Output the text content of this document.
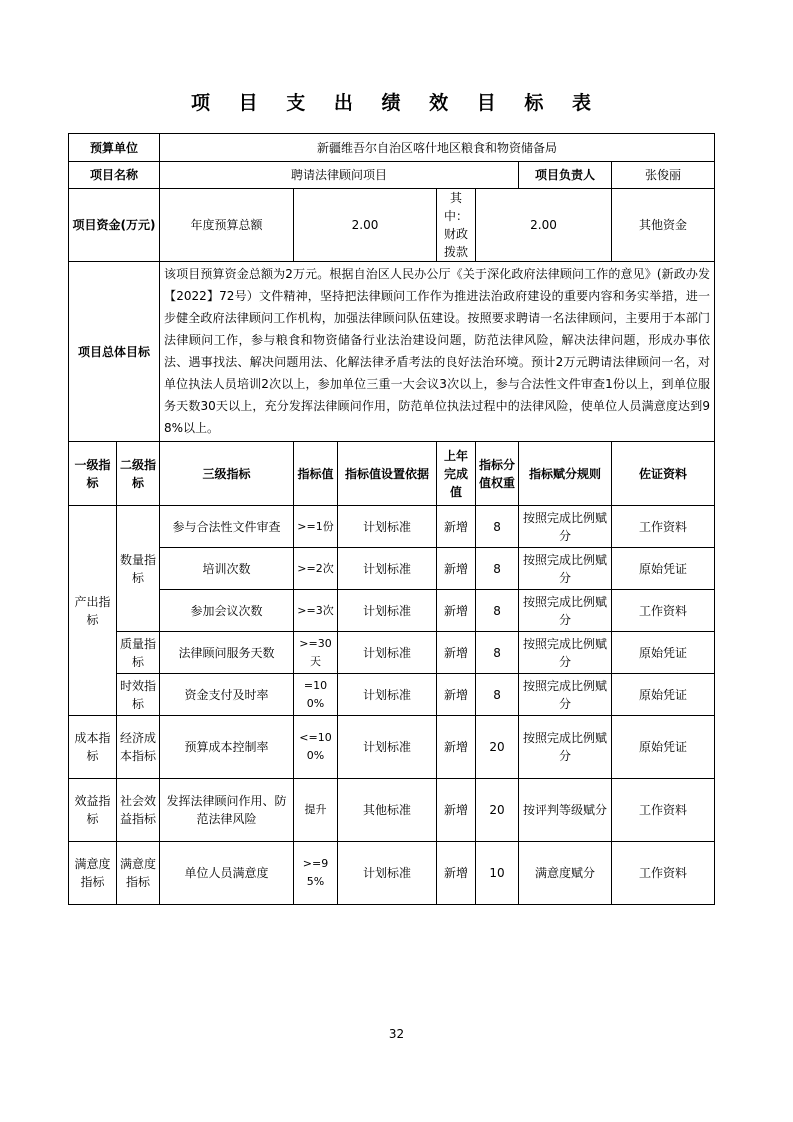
项 目 支 出 绩 效 目 标 表
预算单位		新疆维吾尔自治区喀什地区粮食和物资储备局							
项目名称		聘请法律顾问项目					项目负责人	张俊丽	
项目资金(万元)		年度预算总额	2.00		其中：财政拨款	2.00		其他资金	
项目总体目标		该项目预算资金总额为2万元。根据自治区人民办公厅《关于深化政府法律顾问工作的意见》(新政办发【2022】72号）文件精神，坚持把法律顾问工作作为推进法治政府建设的重要内容和务实举措，进一步健全政府法律顾问工作机构，加强法律顾问队伍建设。按照要求聘请一名法律顾问，主要用于本部门法律顾问工作，参与粮食和物资储备行业法治建设问题，防范法律风险，解决法律问题，形成办事依法、遇事找法、解决问题用法、化解法律矛盾考法的良好法治环境。预计2万元聘请法律顾问一名，对单位执法人员培训2次以上，参加单位三重一大会议3次以上，参与合法性文件审查1份以上，到单位服务天数30天以上，充分发挥法律顾问作用，防范单位执法过程中的法律风险，使单位人员满意度达到98%以上。							
一级指标	二级指标	三级指标	指标值	指标值设置依据	上年完成值	指标分值权重	指标赋分规则	佐证资料	
产出指标	数量指标	参与合法性文件审查	>=1份	计划标准	新增	8	按照完成比例赋分	工作资料	
		培训次数	>=2次	计划标准	新增	8	按照完成比例赋分	原始凭证	
		参加会议次数	>=3次	计划标准	新增	8	按照完成比例赋分	工作资料	
	质量指标	法律顾问服务天数	>=30天	计划标准	新增	8	按照完成比例赋分	原始凭证	
	时效指标	资金支付及时率	=100%	计划标准	新增	8	按照完成比例赋分	原始凭证	
成本指标	经济成本指标	预算成本控制率	<=100%	计划标准	新增	20	按照完成比例赋分	原始凭证	
效益指标	社会效益指标	发挥法律顾问作用、防范法律风险	提升	其他标准	新增	20	按评判等级赋分	工作资料	
满意度指标	满意度指标	单位人员满意度	>=95%	计划标准	新增	10	满意度赋分	工作资料	
32
